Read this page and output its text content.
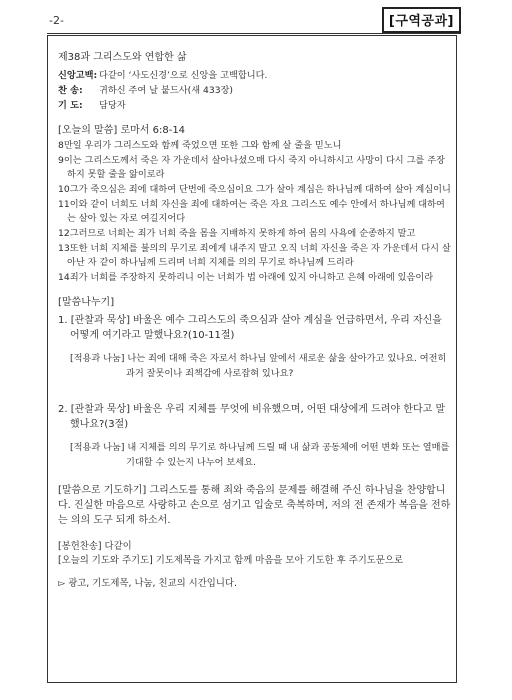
-2-	[구역공과]
제38과 그리스도와 연합한 삶
신앙고백: 다같이 ‘사도신경’으로 신앙을 고백합니다.
찬 송:	귀하신 주여 날 붙드사(새 433장)
기 도:	담당자
[오늘의 말씀] 로마서 6:8-14
8만일 우리가 그리스도와 함께 죽었으면 또한 그와 함께 살 줄을 믿노니
9이는 그리스도께서 죽은 자 가운데서 살아나셨으매 다시 죽지 아니하시고 사망이 다시 그를 주장하지 못할 줄을 앎이로라
10그가 죽으심은 죄에 대하여 단번에 죽으심이요 그가 살아 계심은 하나님께 대하여 살아 계심이니
11이와 같이 너희도 너희 자신을 죄에 대하여는 죽은 자요 그리스도 예수 안에서 하나님께 대하여는 살아 있는 자로 여길지어다
12그러므로 너희는 죄가 너희 죽을 몸을 지배하지 못하게 하여 몸의 사욕에 순종하지 말고
13또한 너희 지체를 불의의 무기로 죄에게 내주지 말고 오직 너희 자신을 죽은 자 가운데서 다시 살아난 자 같이 하나님께 드리며 너희 지체를 의의 무기로 하나님께 드리라
14죄가 너희를 주장하지 못하리니 이는 너희가 법 아래에 있지 아니하고 은혜 아래에 있음이라
[말씀나누기]
1. [관찰과 묵상] 바울은 예수 그리스도의 죽으심과 살아 계심을 언급하면서, 우리 자신을 어떻게 여기라고 말했나요?(10-11절)
[적용과 나눔] 나는 죄에 대해 죽은 자로서 하나님 앞에서 새로운 삶을 살아가고 있나요. 여전히 과거 잘못이나 죄책감에 사로잡혀 있나요?
2. [관찰과 묵상] 바울은 우리 지체를 무엇에 비유했으며, 어떤 대상에게 드려야 한다고 말했나요?(3절)
[적용과 나눔] 내 지체를 의의 무기로 하나님께 드릴 때 내 삶과 공동체에 어떤 변화 또는 열매를 기대할 수 있는지 나누어 보세요.
[말씀으로 기도하기] 그리스도를 통해 죄와 죽음의 문제를 해결해 주신 하나님을 찬양합니다. 진실한 마음으로 사랑하고 손으로 섬기고 입술로 축복하며, 저의 전 존재가 복음을 전하는 의의 도구 되게 하소서.
[봉헌찬송] 다같이
[오늘의 기도와 주기도] 기도제목을 가지고 함께 마음을 모아 기도한 후 주기도문으로
▻ 광고, 기도제목, 나눔, 친교의 시간입니다.
